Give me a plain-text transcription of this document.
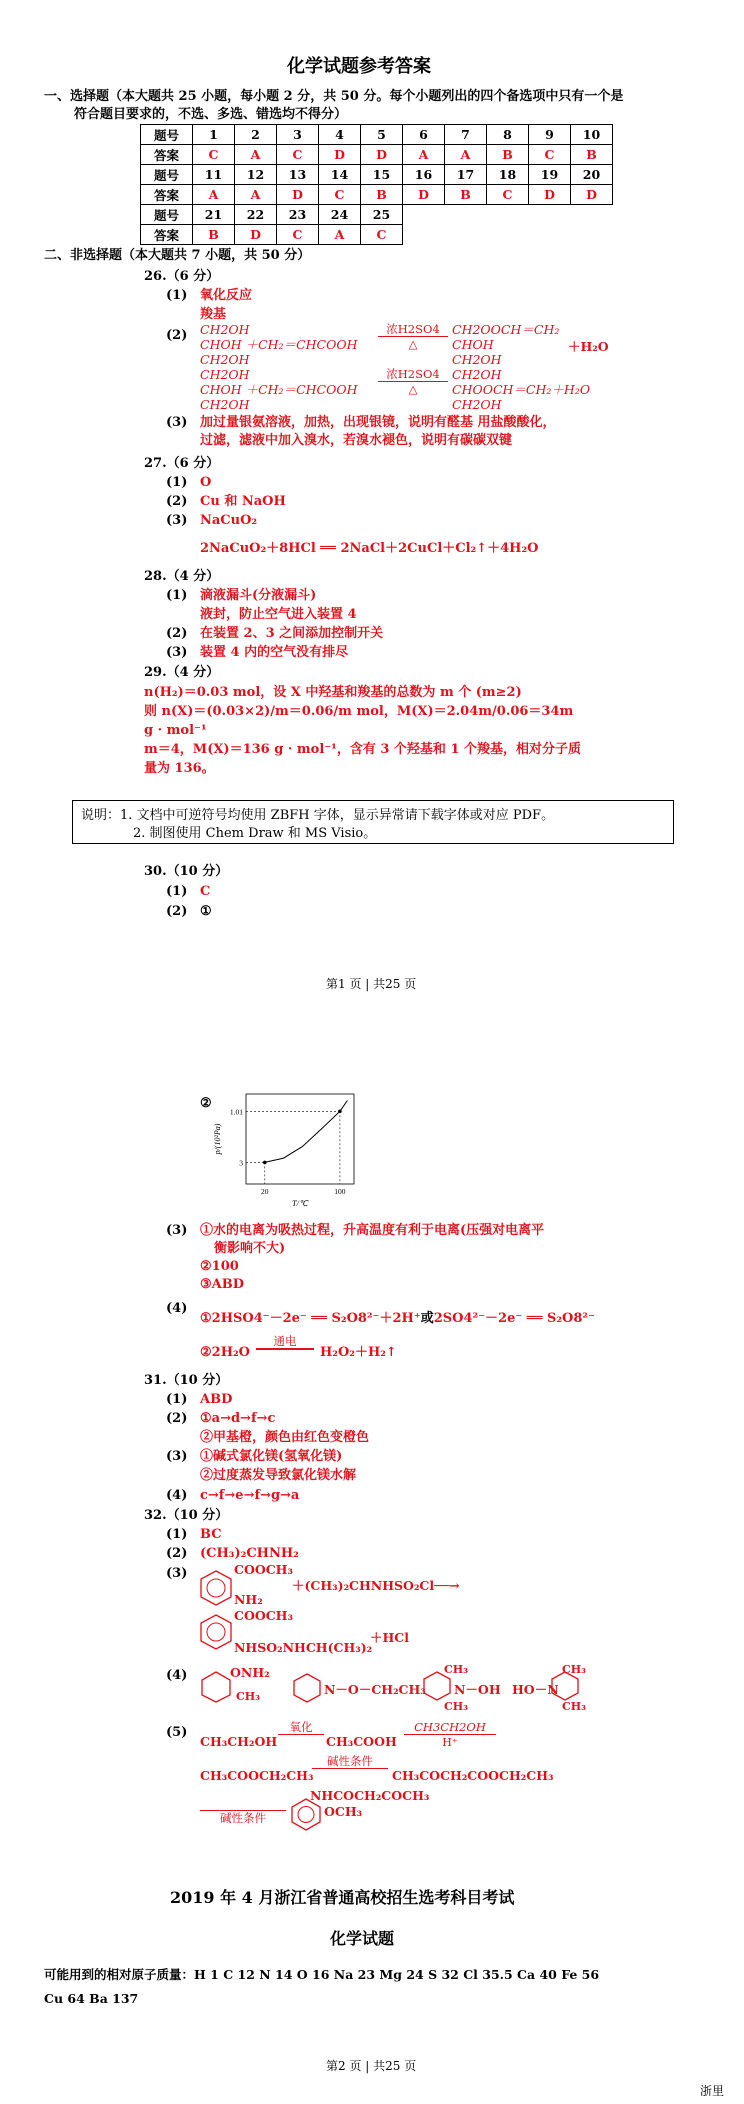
化学试题参考答案
一、选择题（本大题共 25 小题，每小题 2 分，共 50 分。每个小题列出的四个备选项中只有一个是
符合题目要求的，不选、多选、错选均不得分）
题号	1	2	3	4	5	6	7	8	9	10
答案	C	A	C	D	D	A	A	B	C	B
题号	11	12	13	14	15	16	17	18	19	20
答案	A	A	D	C	B	D	B	C	D	D
题号	21	22	23	24	25					
答案	B	D	C	A	C					
二、非选择题（本大题共 7 小题，共 50 分）
26.（6 分）
(1) 氧化反应
羧基
(2) CH2OH
CHOH ＋CH₂＝CHCOOH
CH2OH
浓H2SO4
△
CH2OOCH＝CH₂
CHOH
CH2OH
＋H₂O
CH2OH
CHOH ＋CH₂＝CHCOOH
CH2OH
浓H2SO4
△
CH2OH
CHOOCH＝CH₂＋H₂O
CH2OH
(3) 加过量银氨溶液，加热，出现银镜，说明有醛基 用盐酸酸化，
过滤，滤液中加入溴水，若溴水褪色，说明有碳碳双键
27.（6 分）
(1) O
(2) Cu 和 NaOH
(3) NaCuO₂
2NaCuO₂＋8HCl ══ 2NaCl＋2CuCl＋Cl₂↑＋4H₂O
28.（4 分）
(1) 滴液漏斗(分液漏斗)
液封，防止空气进入装置 4
(2) 在装置 2、3 之间添加控制开关
(3) 装置 4 内的空气没有排尽
29.（4 分）
n(H₂)＝0.03 mol，设 X 中羟基和羧基的总数为 m 个 (m≥2)
则 n(X)＝(0.03×2)/m＝0.06/m mol，M(X)＝2.04m/0.06＝34m
g · mol⁻¹
m＝4，M(X)＝136 g · mol⁻¹，含有 3 个羟基和 1 个羧基，相对分子质
量为 136。
说明：1. 文档中可逆符号均使用 ZBFH 字体，显示异常请下载字体或对应 PDF。
2. 制图使用 Chem Draw 和 MS Visio。
30.（10 分）
(1) C
(2) ①
第1 页 | 共25 页
②
20	100
3
1.01
T/℃
p/(10²Pa)
(3) ①水的电离为吸热过程，升高温度有利于电离(压强对电离平
衡影响不大)
②100
③ABD
(4)
①2HSO4⁻－2e⁻ ══ S₂O8²⁻＋2H⁺或2SO4²⁻－2e⁻ ══ S₂O8²⁻
②2H₂O
通电
H₂O₂＋H₂↑
31.（10 分）
(1) ABD
(2) ①a→d→f→c
②甲基橙，颜色由红色变橙色
(3) ①碱式氯化镁(氢氧化镁)
②过度蒸发导致氯化镁水解
(4) c→f→e→f→g→a
32.（10 分）
(1) BC
(2) (CH₃)₂CHNH₂
(3)	COOCH₃
NH₂
＋(CH₃)₂CHNHSO₂Cl──→
COOCH₃
NHSO₂NHCH(CH₃)₂
＋HCl
(4)	ONH₂
CH₃	N－O－CH₂CH₃
CH₃
N－OH
CH₃
CH₃
HO－N
CH₃
(5)
CH₃CH₂OH
氧化
CH₃COOH
CH3CH2OH
H⁺
CH₃COOCH₂CH₃
碱性条件
CH₃COCH₂COOCH₂CH₃
NHCOCH₂COCH₃
碱性条件	OCH₃
2019 年 4 月浙江省普通高校招生选考科目考试
化学试题
可能用到的相对原子质量：H 1 C 12 N 14 O 16 Na 23 Mg 24 S 32 Cl 35.5 Ca 40 Fe 56
Cu 64 Ba 137
第2 页 | 共25 页
浙里
